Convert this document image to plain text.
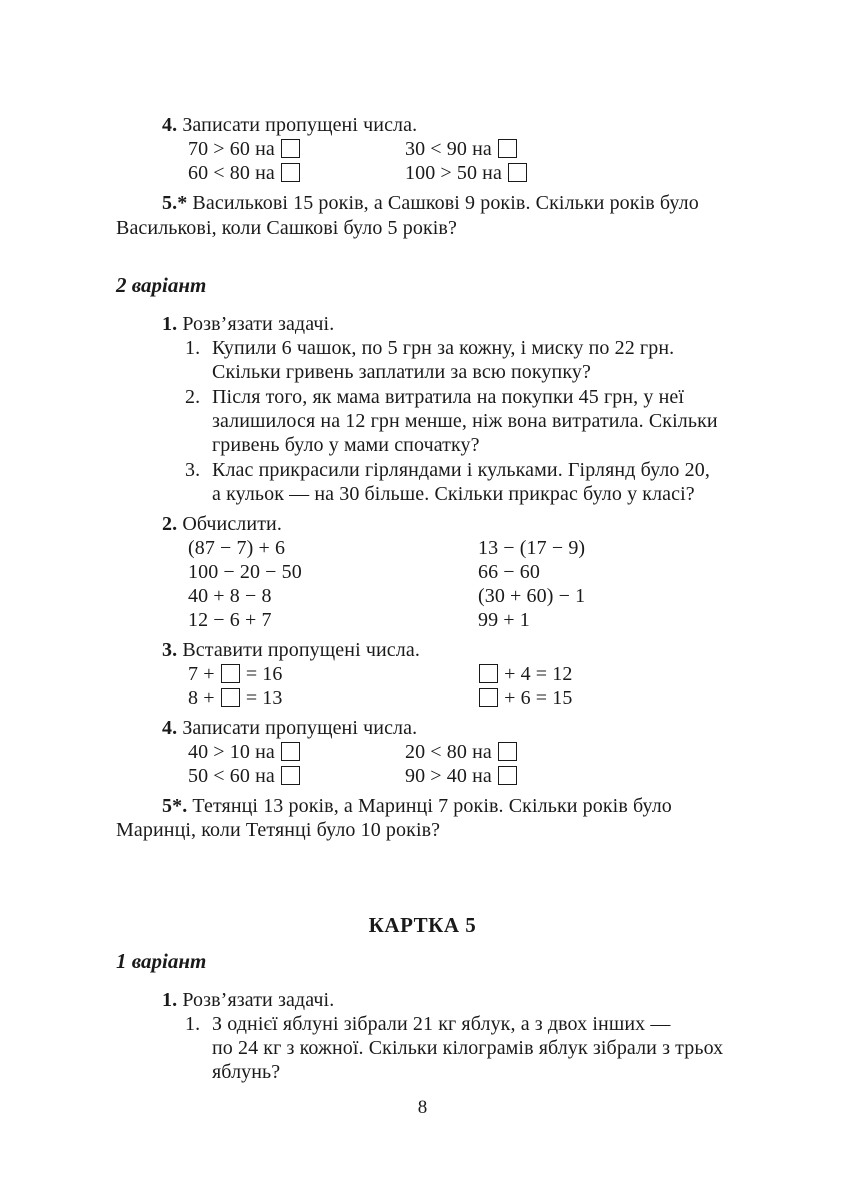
4. Записати пропущені числа.
70 > 60 на	30 < 90 на
60 < 80 на	100 > 50 на
5.* Васильковi 15 рокiв, а Сашковi 9 рокiв. Скiльки рокiв було
Васильковi, коли Сашковi було 5 рокiв?
2 варiант
1. Розв’язати задачi.
1. Купили 6 чашок, по 5 грн за кожну, i миску по 22 грн.
Скiльки гривень заплатили за всю покупку?
2. Пiсля того, як мама витратила на покупки 45 грн, у неї
залишилося на 12 грн менше, нiж вона витратила. Скiльки
гривень було у мами спочатку?
3. Клас прикрасили гiрляндами i кульками. Гiрлянд було 20,
а кульок — на 30 бiльше. Скiльки прикрас було у класi?
2. Обчислити.
(87 − 7) + 6	13 − (17 − 9)
100 − 20 − 50	66 − 60
40 + 8 − 8	(30 + 60) − 1
12 − 6 + 7	99 + 1
3. Вставити пропущенi числа.
7 + = 16	+ 4 = 12
8 + = 13	+ 6 = 15
4. Записати пропущенi числа.
40 > 10 на	20 < 80 на
50 < 60 на	90 > 40 на
5*. Тетянцi 13 рокiв, а Маринцi 7 рокiв. Скiльки рокiв було
Маринцi, коли Тетянцi було 10 рокiв?
КАРТКА 5
1 варiант
1. Розв’язати задачi.
1. З однiєї яблунi зiбрали 21 кг яблук, а з двох iнших —
по 24 кг з кожної. Скiльки кiлограмiв яблук зiбрали з трьох
яблунь?
8
